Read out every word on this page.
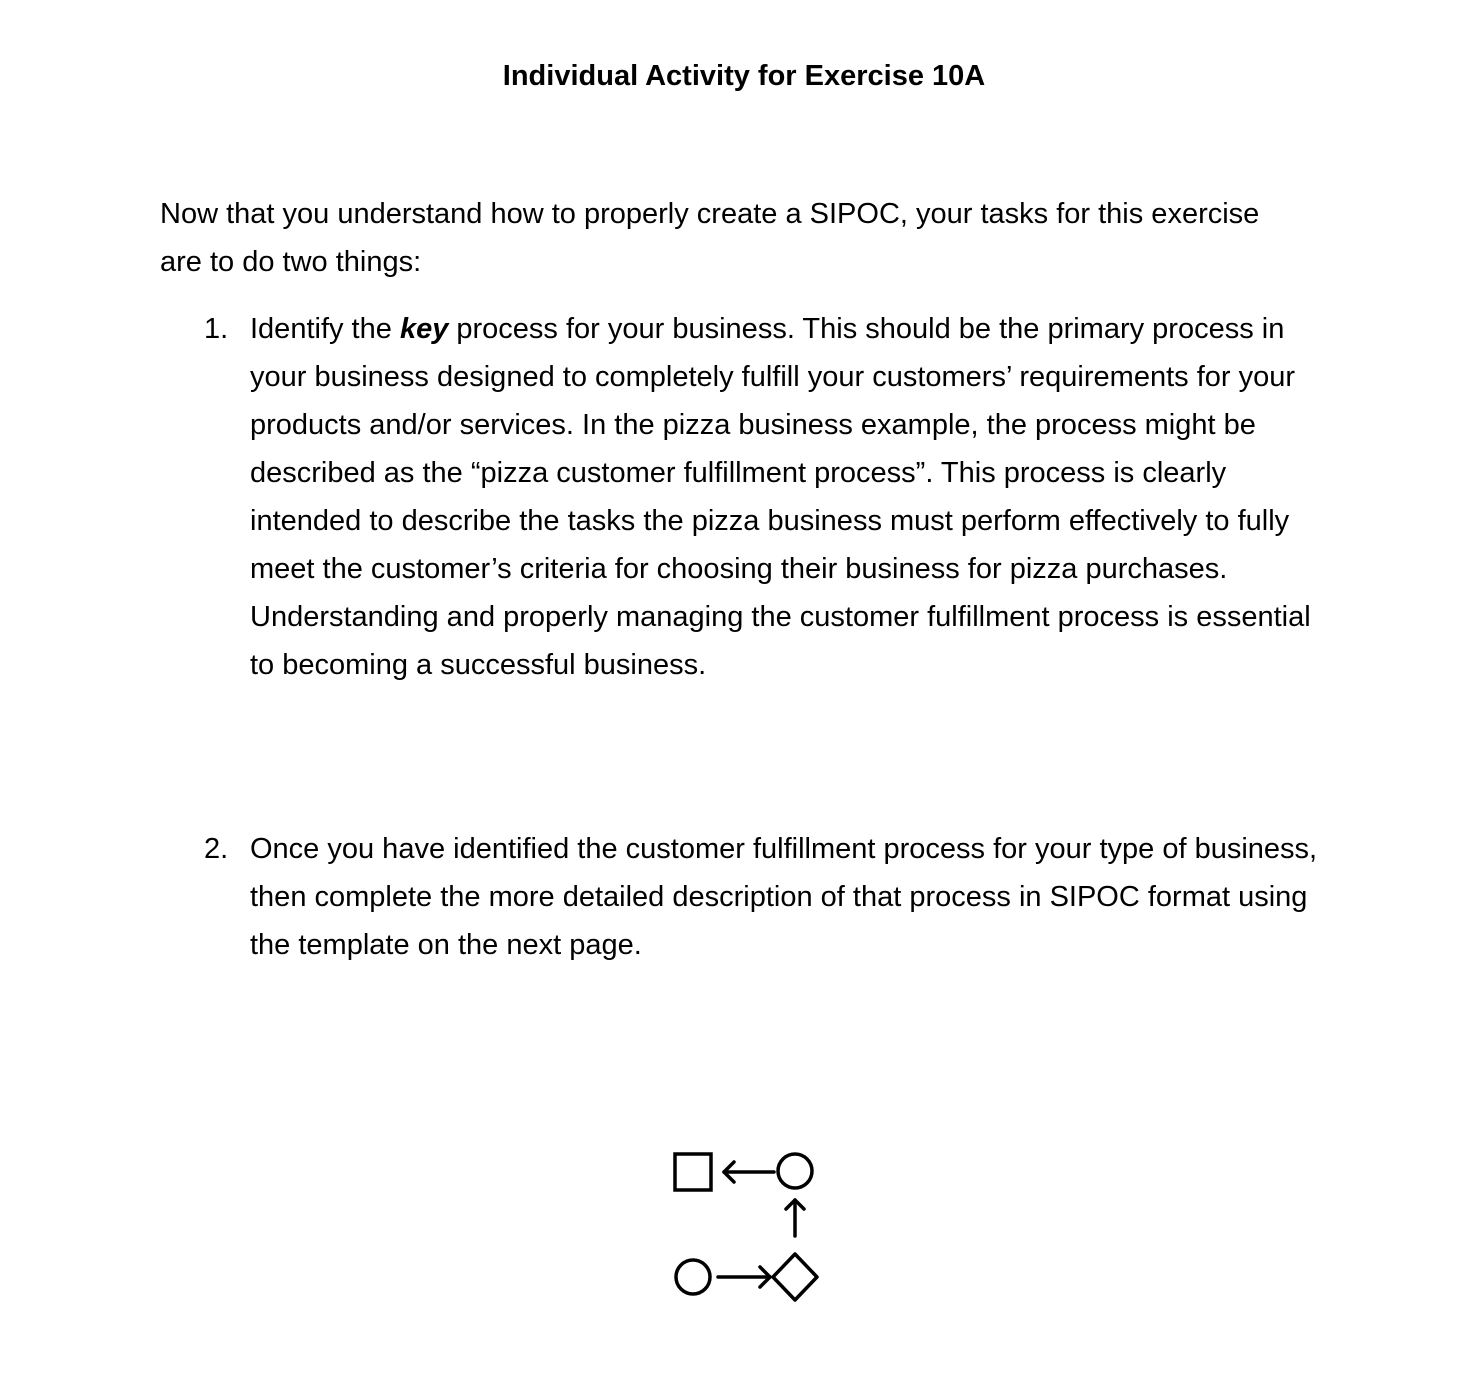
Individual Activity for Exercise 10A
Now that you understand how to properly create a SIPOC, your tasks for this exercise are to do two things:
1. Identify the key process for your business. This should be the primary process in your business designed to completely fulfill your customers’ requirements for your products and/or services. In the pizza business example, the process might be described as the “pizza customer fulfillment process”. This process is clearly intended to describe the tasks the pizza business must perform effectively to fully meet the customer’s criteria for choosing their business for pizza purchases. Understanding and properly managing the customer fulfillment process is essential to becoming a successful business.
2. Once you have identified the customer fulfillment process for your type of business, then complete the more detailed description of that process in SIPOC format using the template on the next page.
